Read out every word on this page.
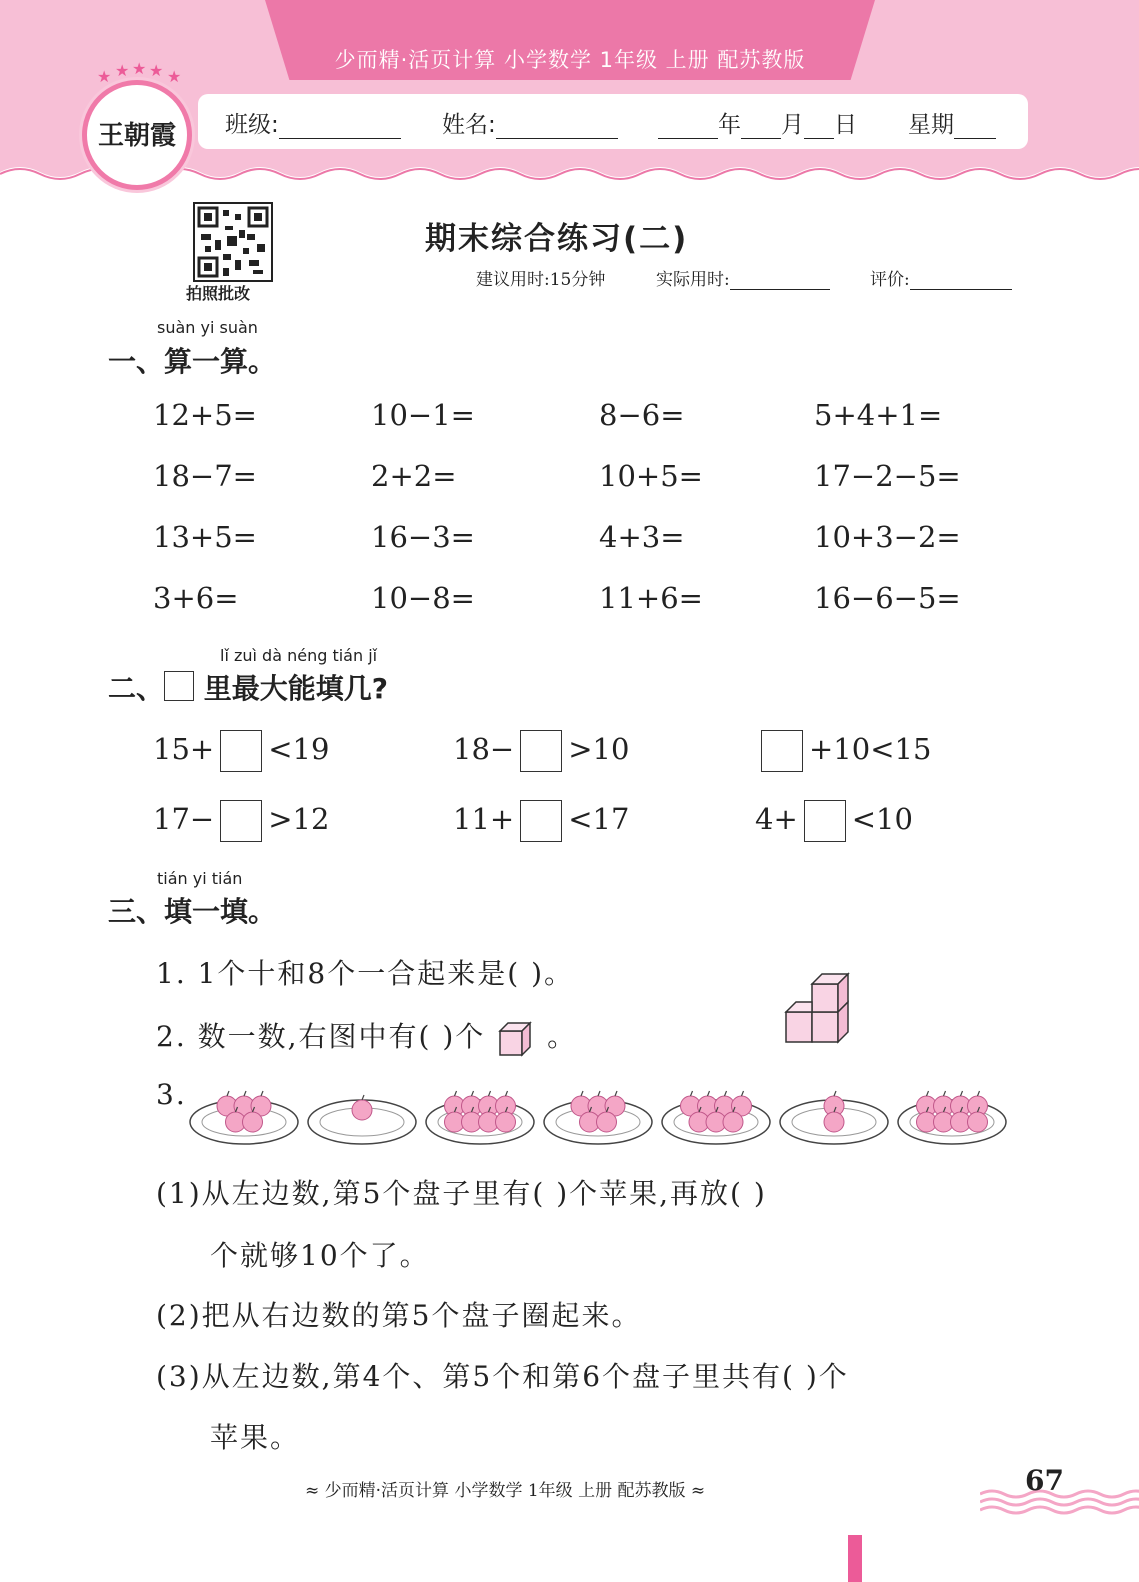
少而精·活页计算 小学数学 1年级 上册 配苏教版
班级:	姓名:	年 月 日 星期
★ ★ ★ ★ ★
王朝霞
拍照批改
期末综合练习(二)
建议用时:15分钟	实际用时:	评价:
suàn yi suàn
一、算一算。
12+5=	10−1=	8−6=	5+4+1=
18−7=	2+2=	10+5=	17−2−5=
13+5=	16−3=	4+3=	10+3−2=
3+6=	10−8=	11+6=	16−6−5=
lǐ zuì dà néng tián jǐ
二、 里最大能填几?
15+ <19	18− >10	+10<15
17− >12	11+ <17	4+ <10
tián yi tián
三、填一填。
1. 1个十和8个一合起来是( )。
2. 数一数,右图中有( )个 。
3.
(1)从左边数,第5个盘子里有( )个苹果,再放( )
个就够10个了。
(2)把从右边数的第5个盘子圈起来。
(3)从左边数,第4个、第5个和第6个盘子里共有( )个
苹果。
≈ 少而精·活页计算 小学数学 1年级 上册 配苏教版 ≈	67
